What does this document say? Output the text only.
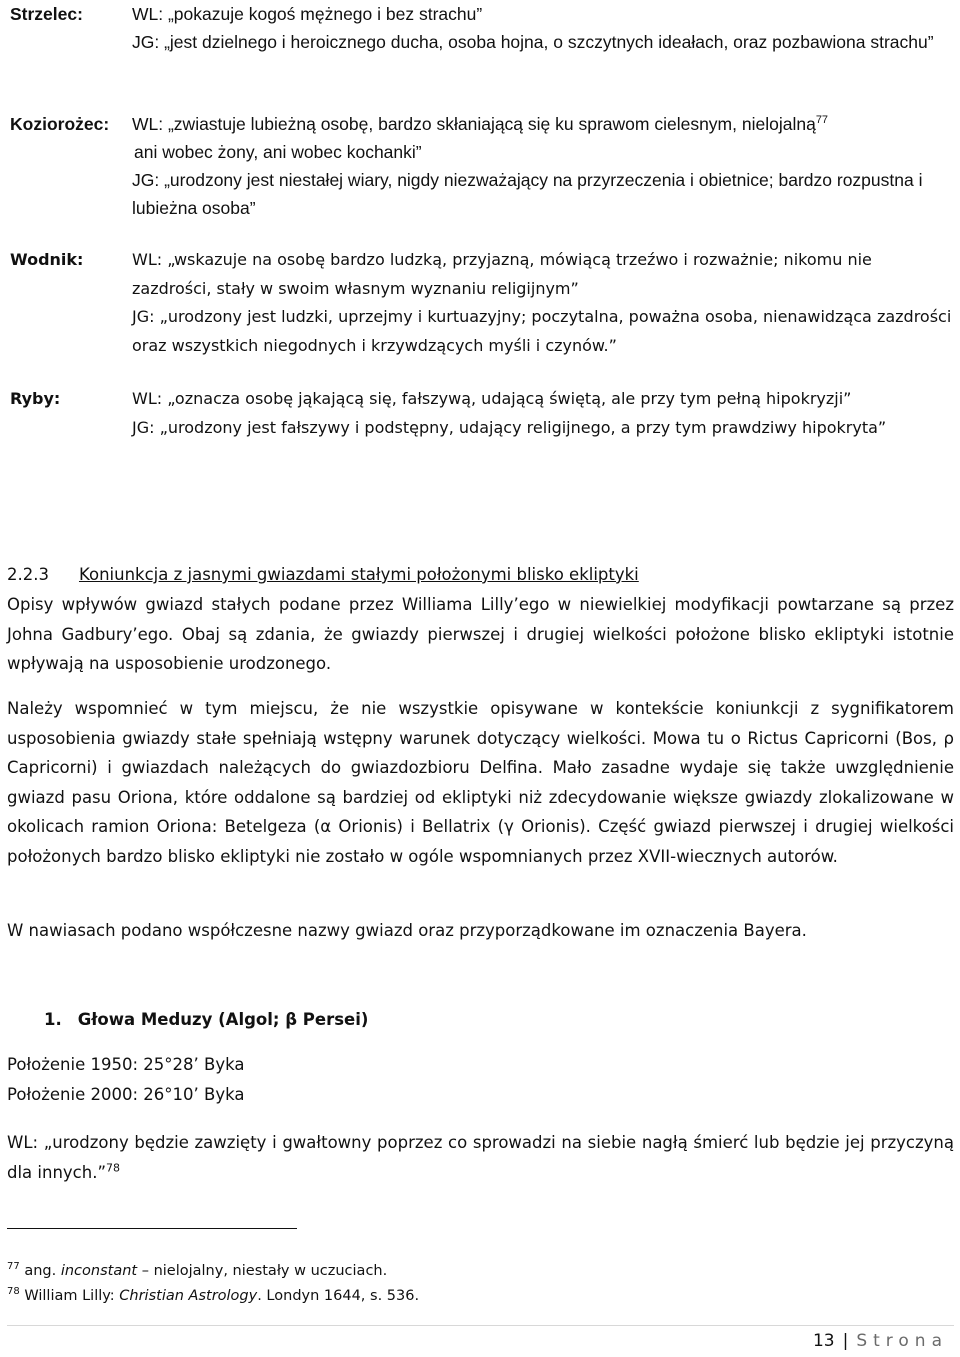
Strzelec:	WL: „pokazuje kogoś mężnego i bez strachu”

JG: „jest dzielnego i heroicznego ducha, osoba hojna, o szczytnych ideałach, oraz pozbawiona strachu”

Koziorożec:	WL: „zwiastuje lubieżną osobę, bardzo skłaniającą się ku sprawom cielesnym, nielojalną$^{77}$

ani wobec żony, ani wobec kochanki”

JG: „urodzony jest niestałej wiary, nigdy niezważający na przyrzeczenia i obietnice; bardzo rozpustna i lubieżna osoba”

Wodnik:	WL: „wskazuje na osobę bardzo ludzką, przyjazną, mówiącą trzeźwo i rozważnie; nikomu nie zazdrości, stały w swoim własnym wyznaniu religijnym”

JG: „urodzony jest ludzki, uprzejmy i kurtuazyjny; poczytalna, poważna osoba, nienawidząca zazdrości oraz wszystkich niegodnych i krzywdzących myśli i czynów.”

Ryby:	WL: „oznacza osobę jąkającą się, fałszywą, udającą świętą, ale przy tym pełną hipokryzji”

JG: „urodzony jest fałszywy i podstępny, udający religijnego, a przy tym prawdziwy hipokryta”

2.2.3 Koniunkcja z jasnymi gwiazdami stałymi położonymi blisko ekliptyki

Opisy wpływów gwiazd stałych podane przez Williama Lilly’ego w niewielkiej modyfikacji powtarzane są przez Johna Gadbury’ego. Obaj są zdania, że gwiazdy pierwszej i drugiej wielkości położone blisko ekliptyki istotnie wpływają na usposobienie urodzonego.

Należy wspomnieć w tym miejscu, że nie wszystkie opisywane w kontekście koniunkcji z sygnifikatorem usposobienia gwiazdy stałe spełniają wstępny warunek dotyczący wielkości. Mowa tu o Rictus Capricorni (Bos, ρ Capricorni) i gwiazdach należących do gwiazdozbioru Delfina. Mało zasadne wydaje się także uwzględnienie gwiazd pasu Oriona, które oddalone są bardziej od ekliptyki niż zdecydowanie większe gwiazdy zlokalizowane w okolicach ramion Oriona: Betelgeza (α Orionis) i Bellatrix (γ Orionis). Część gwiazd pierwszej i drugiej wielkości położonych bardzo blisko ekliptyki nie zostało w ogóle wspomnianych przez XVII-wiecznych autorów.

W nawiasach podano współczesne nazwy gwiazd oraz przyporządkowane im oznaczenia Bayera.

1. Głowa Meduzy (Algol; β Persei)
Położenie 1950: 25°28’ Byka
Położenie 2000: 26°10’ Byka

WL: „urodzony będzie zawzięty i gwałtowny poprzez co sprowadzi na siebie nagłą śmierć lub będzie jej przyczyną dla innych.”$^{78}$

$^{77}$ ang. inconstant – nielojalny, niestały w uczuciach.
$^{78}$ William Lilly: Christian Astrology. Londyn 1644, s. 536.
13 | Strona
